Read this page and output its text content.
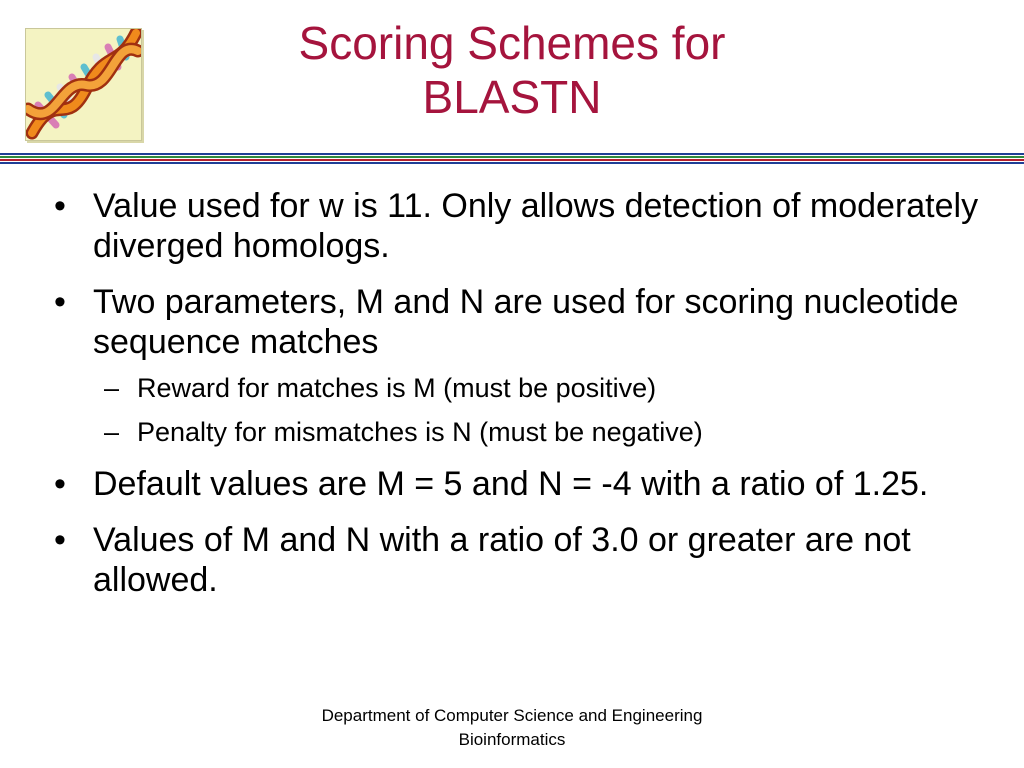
Scoring Schemes for
BLASTN
• Value used for w is 11. Only allows detection of moderately diverged homologs.
• Two parameters, M and N are used for scoring nucleotide sequence matches
– Reward for matches is M (must be positive)
– Penalty for mismatches is N (must be negative)
• Default values are M = 5 and N = -4 with a ratio of 1.25.
• Values of M and N with a ratio of 3.0 or greater are not allowed.
Department of Computer Science and Engineering
Bioinformatics
